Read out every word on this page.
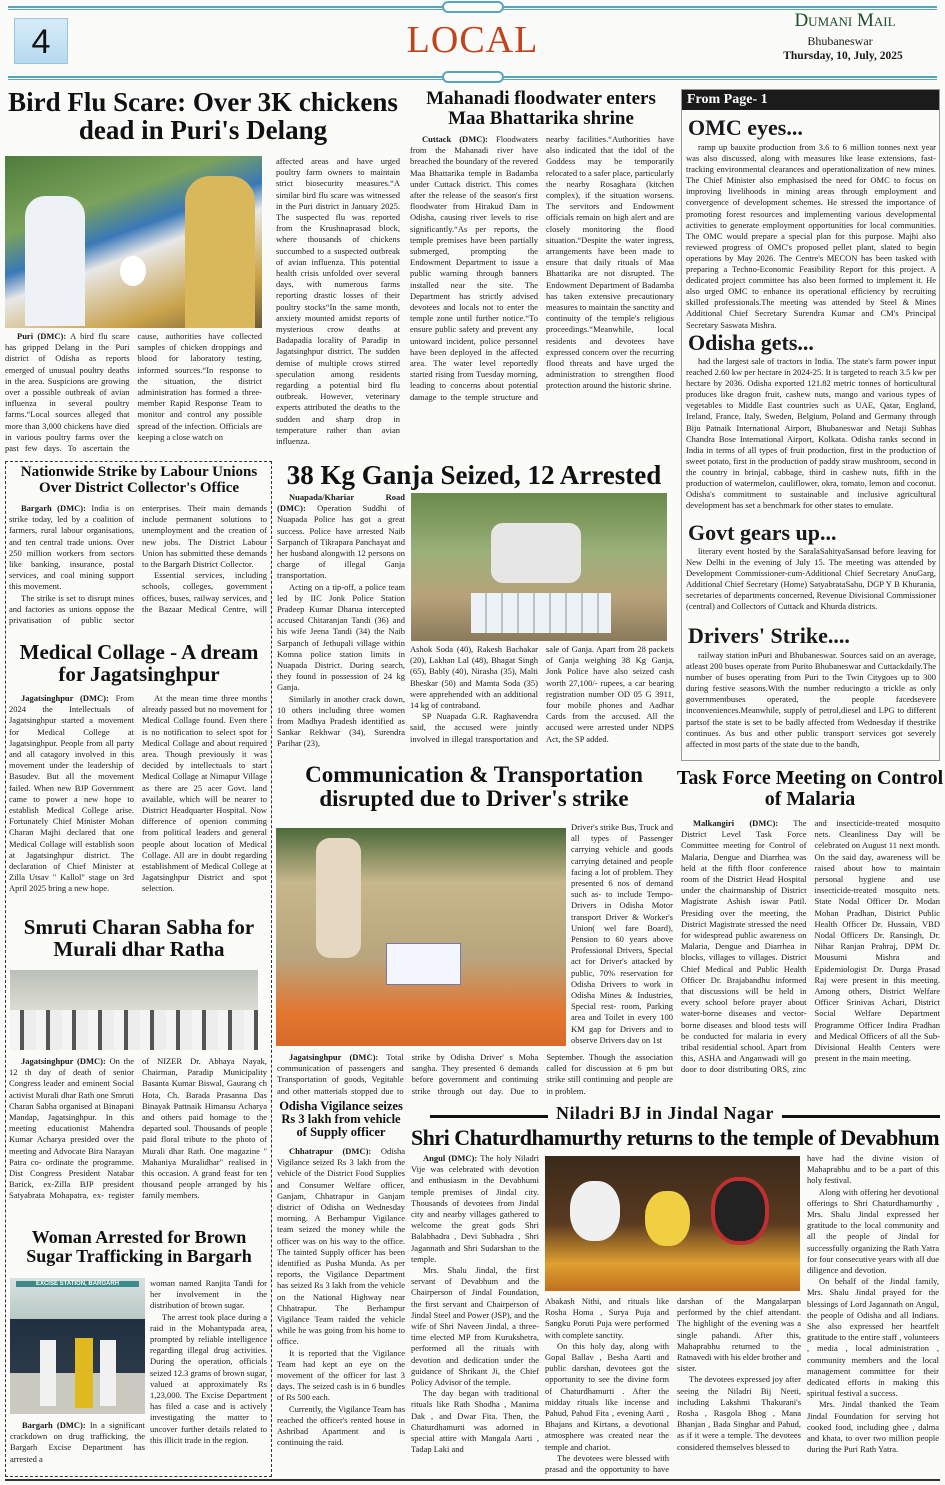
4	LOCAL	Dumani Mail
Bhubaneswar
Thursday, 10, July, 2025
Bird Flu Scare: Over 3K chickens dead in Puri's Delang

Puri (DMC): A bird flu scare has gripped Delang in the Puri district of Odisha as reports emerged of unusual poultry deaths in the area. Suspicions are growing over a possible outbreak of avian influenza in several poultry farms.“Local sources alleged that more than 3,000 chickens have died in various poultry farms over the past few days. To ascertain the cause, authorities have collected samples of chicken droppings and blood for laboratory testing, informed sources.“In response to the situation, the district administration has formed a three-member Rapid Response Team to monitor and control any possible spread of the infection. Officials are keeping a close watch on

affected areas and have urged poultry farm owners to maintain strict biosecurity measures.“A similar bird flu scare was witnessed in the Puri district in January 2025. The suspected flu was reported from the Krushnaprasad block, where thousands of chickens succumbed to a suspected outbreak of avian influenza. This potential health crisis unfolded over several days, with numerous farms reporting drastic losses of their poultry stocks“In the same month, anxiety mounted amidst reports of mysterious crow deaths at Badapadia locality of Paradip in Jagatsinghpur district. The sudden demise of multiple crows stirred speculation among residents regarding a potential bird flu outbreak. However, veterinary experts attributed the deaths to the sudden and sharp drop in temperature rather than avian influenza.

Mahanadi floodwater enters Maa Bhattarika shrine

Cuttack (DMC): Floodwaters from the Mahanadi river have breached the boundary of the revered Maa Bhattarika temple in Badamba under Cuttack district. This comes after the release of the season's first floodwater from Hirakud Dam in Odisha, causing river levels to rise significantly.“As per reports, the temple premises have been partially submerged, prompting the Endowment Department to issue a public warning through banners installed near the site. The Department has strictly advised devotees and locals not to enter the temple zone until further notice.“To ensure public safety and prevent any untoward incident, police personnel have been deployed in the affected area. The water level reportedly started rising from Tuesday morning, leading to concerns about potential damage to the temple structure and nearby facilities.“Authorities have also indicated that the idol of the Goddess may be temporarily relocated to a safer place, particularly the nearby Rosaghara (kitchen complex), if the situation worsens. The servitors and Endowment officials remain on high alert and are closely monitoring the flood situation.“Despite the water ingress, arrangements have been made to ensure that daily rituals of Maa Bhattarika are not disrupted. The Endowment Department of Badamba has taken extensive precautionary measures to maintain the sanctity and continuity of the temple's religious proceedings.“Meanwhile, local residents and devotees have expressed concern over the recurring flood threats and have urged the administration to strengthen flood protection around the historic shrine.

From Page- 1
OMC eyes...

ramp up bauxite production from 3.6 to 6 million tonnes next year was also discussed, along with measures like lease extensions, fast-tracking environmental clearances and operationalization of new mines. The Chief Minister also emphasised the need for OMC to focus on improving livelihoods in mining areas through employment and convergence of development schemes. He stressed the importance of promoting forest resources and implementing various developmental activities to generate employment opportunities for local communities. The OMC would prepare a special plan for this purpose. Majhi also reviewed progress of OMC's proposed pellet plant, slated to begin operations by May 2026. The Centre's MECON has been tasked with preparing a Techno-Economic Feasibility Report for this project. A dedicated project committee has also been formed to implement it. He also urged OMC to enhance its operational efficiency by recruiting skilled professionals.The meeting was attended by Steel & Mines Additional Chief Secretary Surendra Kumar and CM's Principal Secretary Saswata Mishra.

Odisha gets...

had the largest sale of tractors in India. The state's farm power input reached 2.60 kw per hectare in 2024-25. It is targeted to reach 3.5 kw per hectare by 2036. Odisha exported 121.82 metric tonnes of horticultural produces like dragon fruit, cashew nuts, mango and various types of vegetables to Middle East countries such as UAE, Qatar, England, Ireland, France, Italy, Sweden, Belgium, Poland and Germany through Biju Patnaik International Airport, Bhubaneswar and Netaji Subhas Chandra Bose International Airport, Kolkata. Odisha ranks second in India in terms of all types of fruit production, first in the production of sweet potato, first in the production of paddy straw mushroom, second in the country in brinjal, cabbage, third in cashew nuts, fifth in the production of watermelon, cauliflower, okra, tomato, lemon and coconut. Odisha's commitment to sustainable and inclusive agricultural development has set a benchmark for other states to emulate.

Govt gears up...

literary event hosted by the SaralaSahityaSansad before leaving for New Delhi in the evening of July 15. The meeting was attended by Development Commissioner-cum-Additional Chief Secretary AnuGarg, Additional Chief Secretary (Home) SatyabrataSahu, DGP Y B Khurania, secretaries of departments concerned, Revenue Divisional Commissioner (central) and Collectors of Cuttack and Khurda districts.

Drivers' Strike....

railway station inPuri and Bhubaneswar. Sources said on an average, atleast 200 buses operate from Purito Bhubaneswar and Cuttackdaily.The number of buses operating from Puri to the Twin Citygoes up to 300 during festive seasons.With the number reducingto a trickle as only governmentbuses operated, the people facedsevere inconveniences.Meanwhile, supply of petrol,diesel and LPG to different partsof the state is set to be badly affected from Wednesday if thestrike continues. As bus and other public transport services got severely affected in most parts of the state due to the bandh,

Nationwide Strike by Labour Unions Over District Collector's Office

Bargarh (DMC): India is on strike today, led by a coalition of farmers, rural labour organisations, and ten central trade unions. Over 250 million workers from sectors like banking, insurance, postal services, and coal mining support this movement.

The strike is set to disrupt mines and factories as unions oppose the privatisation of public sector enterprises. Their main demands include permanent solutions to unemployment and the creation of new jobs. The District Labour Union has submitted these demands to the Bargarh District Collector.

Essential services, including schools, colleges, government offices, buses, railway services, and the Bazaar Medical Centre, will

Medical Collage - A dream for Jagatsinghpur

Jagatsinghpur (DMC): From 2024 the Intellectuals of Jagatsinghpur started a movement for Medical College at Jagatsinghpur. People from all party and all catagory involved in this movement under the leadership of Basudev. But all the movement failed. When new BJP Government came to power a new hope to establish Medical College arise. Fortunately Chief Minister Mohan Charan Majhi declared that one Medical Collage will establish soon at Jagatsinghpur district. The declaration of Chief Minister at Zilla Utsav " Kallol" stage on 3rd April 2025 bring a new hope.

At the mean time three months already passed but no movement for Medical Collage found. Even there is no notification to select spot for Medical Collage and about required area. Though previously it was decided by intellectuals to start Medical Collage at Nimapur Village as there are 25 acer Govt. land available, which will be nearer to District Headquarter Hospital. Now difference of openion comming from political leaders and general people about location of Medical Collage. All are in doubt regarding establishment of Medical College at Jagatsinghpur District and spot selection.

Smruti Charan Sabha for Murali dhar Ratha

Jagatsinghpur (DMC): On the 12 th day of death of senior Congress leader and eminent Social activist Murali dhar Rath one Smruti Charan Sabha organised at Binapani Mandap, Jagatsinghpur. In this meeting educationist Mahendra Kumar Acharya presided over the meeting and Advocate Bira Narayan Patra co- ordinate the programme. Dist Congress President Natabar Barick, ex-Zilla BJP president Satyabrata Mohapatra, ex- register of NIZER Dr. Abhaya Nayak, Chairman, Paradip Municipality Basanta Kumar Biswal, Gaurang ch Hota, Ch. Barada Prasanna Das Binayak Pattnaik Himansu Acharya and others paid homage to the departed soul. Thousands of people paid floral tribute to the photo of Murali dhar Rath. One magazine " Mahaniya Muralidhar" realised in this occasion. A grand feast for ten thousand people arranged by his family members.

Woman Arrested for Brown Sugar Trafficking in Bargarh
EXCISE STATION, BARGARH

Bargarh (DMC): In a significant crackdown on drug trafficking, the Bargarh Excise Department has arrested a

woman named Ranjita Tandi for her involvement in the distribution of brown sugar.

The arrest took place during a raid in the Mohantypada area, prompted by reliable intelligence regarding illegal drug activities. During the operation, officials seized 12.3 grams of brown sugar, valued at approximately Rs 1,23,000. The Excise Department has filed a case and is actively investigating the matter to uncover further details related to this illicit trade in the region.

38 Kg Ganja Seized, 12 Arrested

Nuapada/Khariar Road (DMC): Operation Suddhi of Nuapada Police has got a great success. Police have arrested Naib Sarpanch of Tikrapara Panchayat and her husband alongwith 12 persons on charge of illegal Ganja transportation.

Acting on a tip-off, a police team led by IIC Jonk Police Station Pradeep Kumar Dharua intercepted accused Chitaranjan Tandi (36) and his wife Jeena Tandi (34) the Naib Sarpanch of Jethupali village within Komna police station limits in Nuapada District. During search, they found in possession of 24 kg Ganja.

Similarly in another crack down, 10 others including three women from Madhya Pradesh identified as Sankar Rekhwar (34), Surendra Parihar (23),

Ashok Soda (40), Rakesh Bachakar (20), Lakhan Lal (48), Bhagat Singh (65), Bably (40), Nirasha (35), Malti Bheskar (50) and Mamta Soda (35) were apprehended with an additional 14 kg of contraband.

SP Nuapada G.R. Raghavendra said, the accused were jointly involved in illegal transportation and sale of Ganja. Apart from 28 packets of Ganja weighing 38 Kg Ganja, Jonk Police have also seized cash worth 27,100/- rupees, a car bearing registration number OD 05 G 3911, four mobile phones and Aadhar Cards from the accused. All the accused were arrested under NDPS Act, the SP added.

Communication & Transportation disrupted due to Driver's strike

Driver's strike Bus, Truck and all types of Passenger carrying vehicle and goods carrying detained and people facing a lot of problem. They presented 6 nos of demand such as- to include Tempo- Drivers in Odisha Motor transport Driver & Worker's Union( wel fare Board), Pension to 60 years above Professional Drivers, Special act for Driver's attacked by public, 70% reservation for Odisha Drivers to work in Odisha Mines & Industries, Special rest- room, Parking area and Toilet in every 100 KM gap for Drivers and to observe Drivers day on 1st

Jagatsinghpur (DMC): Total communication of passengers and Transportation of goods, Vegitable and other matterials stopped due to strike by Odisha Driver' s Moha sangha. They presented 6 demands before government and continuing strike through out day. Due to September. Though the association called for discussion at 6 pm but strike still continuing and people are in problem.

Odisha Vigilance seizes Rs 3 lakh from vehicle of Supply officer

Chhatrapur (DMC): Odisha Vigilance seized Rs 3 lakh from the vehicle of the District Food Supplies and Consumer Welfare officer, Ganjam, Chhatrapur in Ganjam district of Odisha on Wednesday morning. A Berhampur Vigilance team seized the money while the officer was on his way to the office. The tainted Supply officer has been identified as Pusha Munda. As per reports, the Vigilance Department has seized Rs 3 lakh from the vehicle on the National Highway near Chhatrapur. The Berhampur Vigilance Team raided the vehicle while he was going from his home to office.

It is reported that the Vigilance Team had kept an eye on the movement of the officer for last 3 days. The seized cash is in 6 bundles of Rs 500 each.

Currently, the Vigilance Team has reached the officer's rented house in Ashribad Apartment and is continuing the raid.

Task Force Meeting on Control of Malaria

Malkangiri (DMC): The District Level Task Force Committee meeting for Control of Malaria, Dengue and Diarrhea was held at the fifth floor conference room of the District Head Hospital under the chairmanship of District Magistrate Ashish iswar Patil. Presiding over the meeting, the District Magistrate stressed the need for widespread public awareness on Malaria, Dengue and Diarrhea in blocks, villages to villages. District Chief Medical and Public Health Officer Dr. Brajabandhu informed that discussions will be held in every school before prayer about water-borne diseases and vector-borne diseases and blood tests will be conducted for malaria in every tribal residential school. Apart from this, ASHA and Anganwadi will go door to door distributing ORS, zinc and insecticide-treated mosquito nets. Cleanliness Day will be celebrated on August 11 next month. On the said day, awareness will be raised about how to maintain personal hygiene and use insecticide-treated mosquito nets. State Nodal Officer Dr. Modan Mohan Pradhan, District Public Health Officer Dr. Hussain, VBD Nodal Officers Dr. Ransingh, Dr. Nihar Ranjan Prahraj, DPM Dr. Mousumi Mishra and Epidemiologist Dr. Durga Prasad Raj were present in this meeting. Among others, District Welfare Officer Srinivas Achari, District Social Welfare Department Programme Officer Indira Pradhan and Medical Officers of all the Sub-Divisional Health Centers were present in the main meeting.

Niladri BJ in Jindal Nagar
Shri Chaturdhamurthy returns to the temple of Devabhum

Angul (DMC): The holy Niladri Vije was celebrated with devotion and enthusiasm in the Devabhumi temple premises of Jindal city. Thousands of devotees from Jindal city and nearby villages gathered to welcome the great gods Shri Balabhadra , Devi Subhadra , Shri Jagannath and Shri Sudarshan to the temple.

Mrs. Shalu Jindal, the first servant of Devabhum and the Chairperson of Jindal Foundation, the first servant and Chairperson of Jindal Steel and Power (JSP), and the wife of Shri Naveen Jindal, a three-time elected MP from Kurukshetra, performed all the rituals with devotion and dedication under the guidance of Shrikant Ji, the Chief Policy Advisor of the temple.

The day began with traditional rituals like Rath Shodha , Manima Dak , and Dwar Fita. Then, the Chaturdhamurti was adorned in special attire with Mangala Aarti , Tadap Laki and

Abakash Nithi, and rituals like Rosha Homa , Surya Puja and Sangku Poruti Puja were performed with complete sanctity.

On this holy day, along with Gopal Ballav , Besha Aarti and public darshan, devotees got the opportunity to see the divine form of Chaturdhamurti . After the midday rituals like incense and Pahud, Pahud Fita , evening Aarti , Bhajans and Kirtans, a devotional atmosphere was created near the temple and chariot.

The devotees were blessed with prasad and the opportunity to have darshan of the Mangalarpan performed by the chief attendant. The highlight of the evening was a single pahandi. After this, Mahaprabhu returned to the Ratnavedi with his elder brother and sister.

The devotees expressed joy after seeing the Niladri Bij Neeti, including Lakshmi Thakurani's Rosha , Rasgola Bhog , Mana Bhanjan , Bada Singhar and Pahud, as if it were a temple. The devotees considered themselves blessed to

have had the divine vision of Mahaprabhu and to be a part of this holy festival.

Along with offering her devotional offerings to Shri Chaturdhamurthy , Mrs. Shalu Jindal expressed her gratitude to the local community and all the people of Jindal for successfully organizing the Rath Yatra for four consecutive years with all due diligence and devotion.

On behalf of the Jindal family, Mrs. Shalu Jindal prayed for the blessings of Lord Jagannath on Angul, the people of Odisha and all Indians. She also expressed her heartfelt gratitude to the entire staff , volunteers , media , local administration , community members and the local management committee for their dedicated efforts in making this spiritual festival a success.

Mrs. Jindal thanked the Team Jindal Foundation for serving hot cooked food, including ghee , dalma and khata, to over two million people during the Puri Rath Yatra.
